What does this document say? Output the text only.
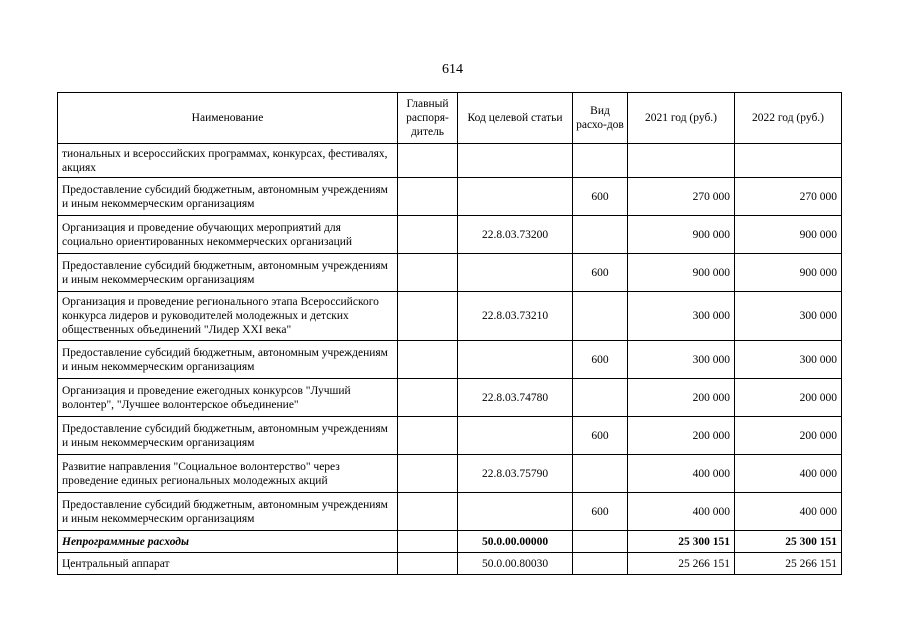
614
Наименование	Главный распоря-дитель	Код целевой статьи	Вид расхо-дов	2021 год (руб.)	2022 год (руб.)
тиональных и всероссийских программах, конкурсах, фестивалях, акциях					
Предоставление субсидий бюджетным, автономным учреждениям и иным некоммерческим организациям			600	270 000	270 000
Организация и проведение обучающих мероприятий для социально ориентированных некоммерческих организаций		22.8.03.73200		900 000	900 000
Предоставление субсидий бюджетным, автономным учреждениям и иным некоммерческим организациям			600	900 000	900 000
Организация и проведение регионального этапа Всероссийского конкурса лидеров и руководителей молодежных и детских общественных объединений "Лидер XXI века"		22.8.03.73210		300 000	300 000
Предоставление субсидий бюджетным, автономным учреждениям и иным некоммерческим организациям			600	300 000	300 000
Организация и проведение ежегодных конкурсов "Лучший волонтер", "Лучшее волонтерское объединение"		22.8.03.74780		200 000	200 000
Предоставление субсидий бюджетным, автономным учреждениям и иным некоммерческим организациям			600	200 000	200 000
Развитие направления "Социальное волонтерство" через проведение единых региональных молодежных акций		22.8.03.75790		400 000	400 000
Предоставление субсидий бюджетным, автономным учреждениям и иным некоммерческим организациям			600	400 000	400 000
Непрограммные расходы		50.0.00.00000		25 300 151	25 300 151
Центральный аппарат		50.0.00.80030		25 266 151	25 266 151
